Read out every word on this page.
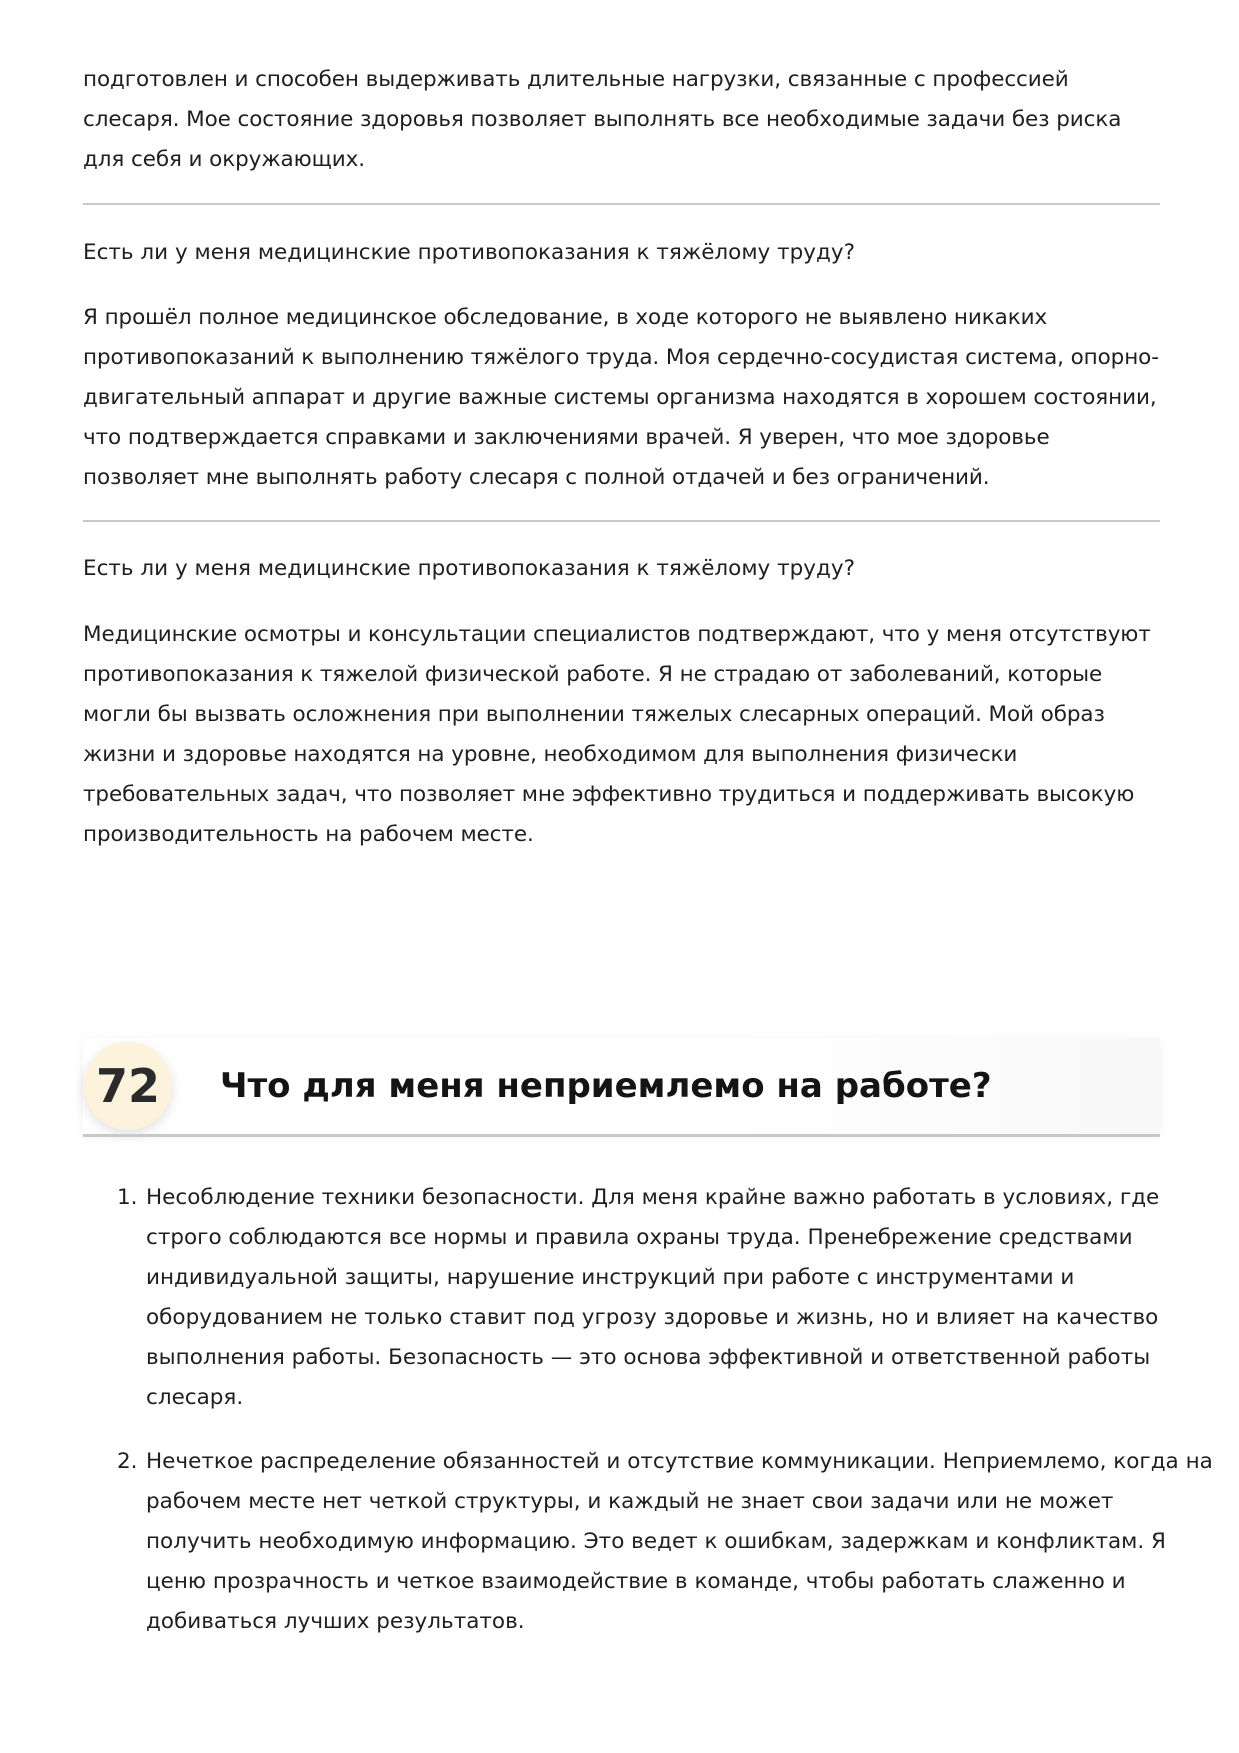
подготовлен и способен выдерживать длительные нагрузки, связанные с профессией слесаря. Мое состояние здоровья позволяет выполнять все необходимые задачи без риска для себя и окружающих.

Есть ли у меня медицинские противопоказания к тяжёлому труду?

Я прошёл полное медицинское обследование, в ходе которого не выявлено никаких противопоказаний к выполнению тяжёлого труда. Моя сердечно-сосудистая система, опорно-двигательный аппарат и другие важные системы организма находятся в хорошем состоянии, что подтверждается справками и заключениями врачей. Я уверен, что мое здоровье позволяет мне выполнять работу слесаря с полной отдачей и без ограничений.

Есть ли у меня медицинские противопоказания к тяжёлому труду?

Медицинские осмотры и консультации специалистов подтверждают, что у меня отсутствуют противопоказания к тяжелой физической работе. Я не страдаю от заболеваний, которые могли бы вызвать осложнения при выполнении тяжелых слесарных операций. Мой образ жизни и здоровье находятся на уровне, необходимом для выполнения физически требовательных задач, что позволяет мне эффективно трудиться и поддерживать высокую производительность на рабочем месте.

72	Что для меня неприемлемо на работе?
1. Несоблюдение техники безопасности. Для меня крайне важно работать в условиях, где строго соблюдаются все нормы и правила охраны труда. Пренебрежение средствами индивидуальной защиты, нарушение инструкций при работе с инструментами и оборудованием не только ставит под угрозу здоровье и жизнь, но и влияет на качество выполнения работы. Безопасность — это основа эффективной и ответственной работы слесаря.
2. Нечеткое распределение обязанностей и отсутствие коммуникации. Неприемлемо, когда на рабочем месте нет четкой структуры, и каждый не знает свои задачи или не может получить необходимую информацию. Это ведет к ошибкам, задержкам и конфликтам. Я ценю прозрачность и четкое взаимодействие в команде, чтобы работать слаженно и добиваться лучших результатов.
